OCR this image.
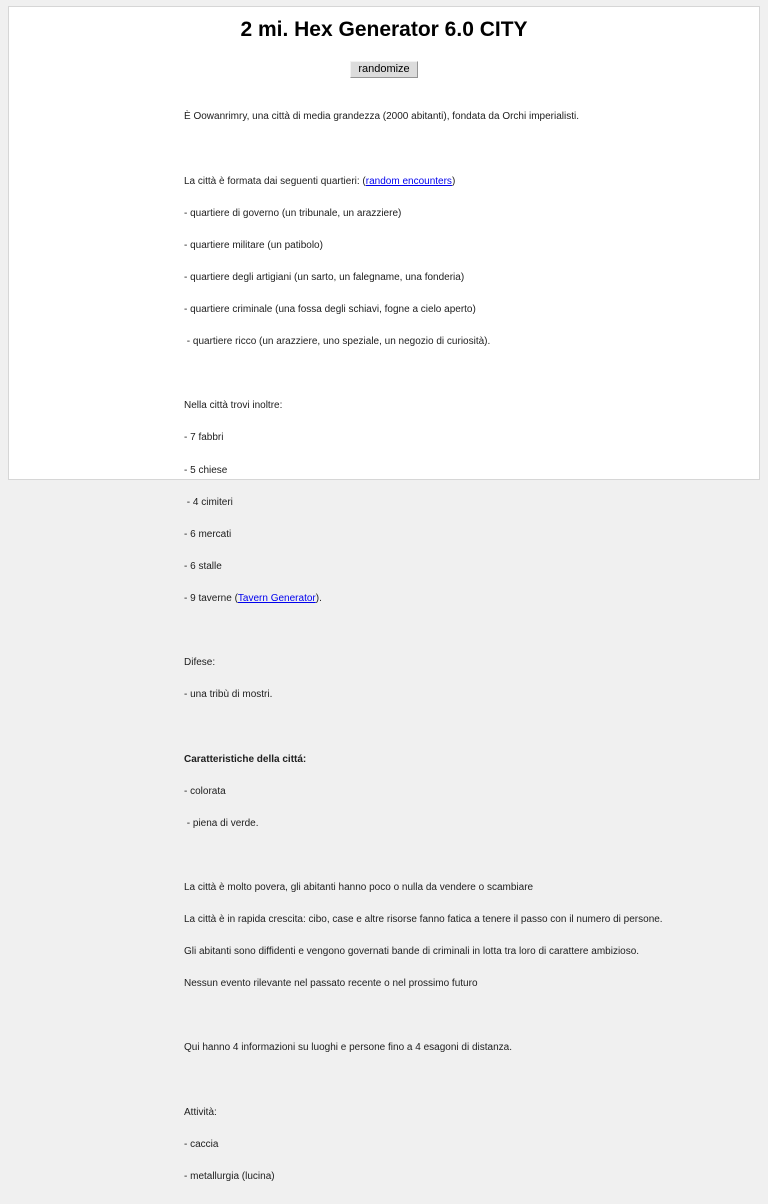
2 mi. Hex Generator 6.0 CITY
randomize

È Oowanrimry, una città di media grandezza (2000 abitanti), fondata da Orchi imperialisti.

La città è formata dai seguenti quartieri: (random encounters)

- quartiere di governo (un tribunale, un arazziere)

- quartiere militare (un patibolo)

- quartiere degli artigiani (un sarto, un falegname, una fonderia)

- quartiere criminale (una fossa degli schiavi, fogne a cielo aperto)

- quartiere ricco (un arazziere, uno speziale, un negozio di curiosità).

Nella città trovi inoltre:

- 7 fabbri

- 5 chiese

- 4 cimiteri

- 6 mercati

- 6 stalle

- 9 taverne (Tavern Generator).

Difese:

- una tribù di mostri.

Caratteristiche della cittá:

- colorata

- piena di verde.

La città è molto povera, gli abitanti hanno poco o nulla da vendere o scambiare

La città è in rapida crescita: cibo, case e altre risorse fanno fatica a tenere il passo con il numero di persone.

Gli abitanti sono diffidenti e vengono governati bande di criminali in lotta tra loro di carattere ambizioso.

Nessun evento rilevante nel passato recente o nel prossimo futuro

Qui hanno 4 informazioni su luoghi e persone fino a 4 esagoni di distanza.

Attività:

- caccia

- metallurgia (lucina)
